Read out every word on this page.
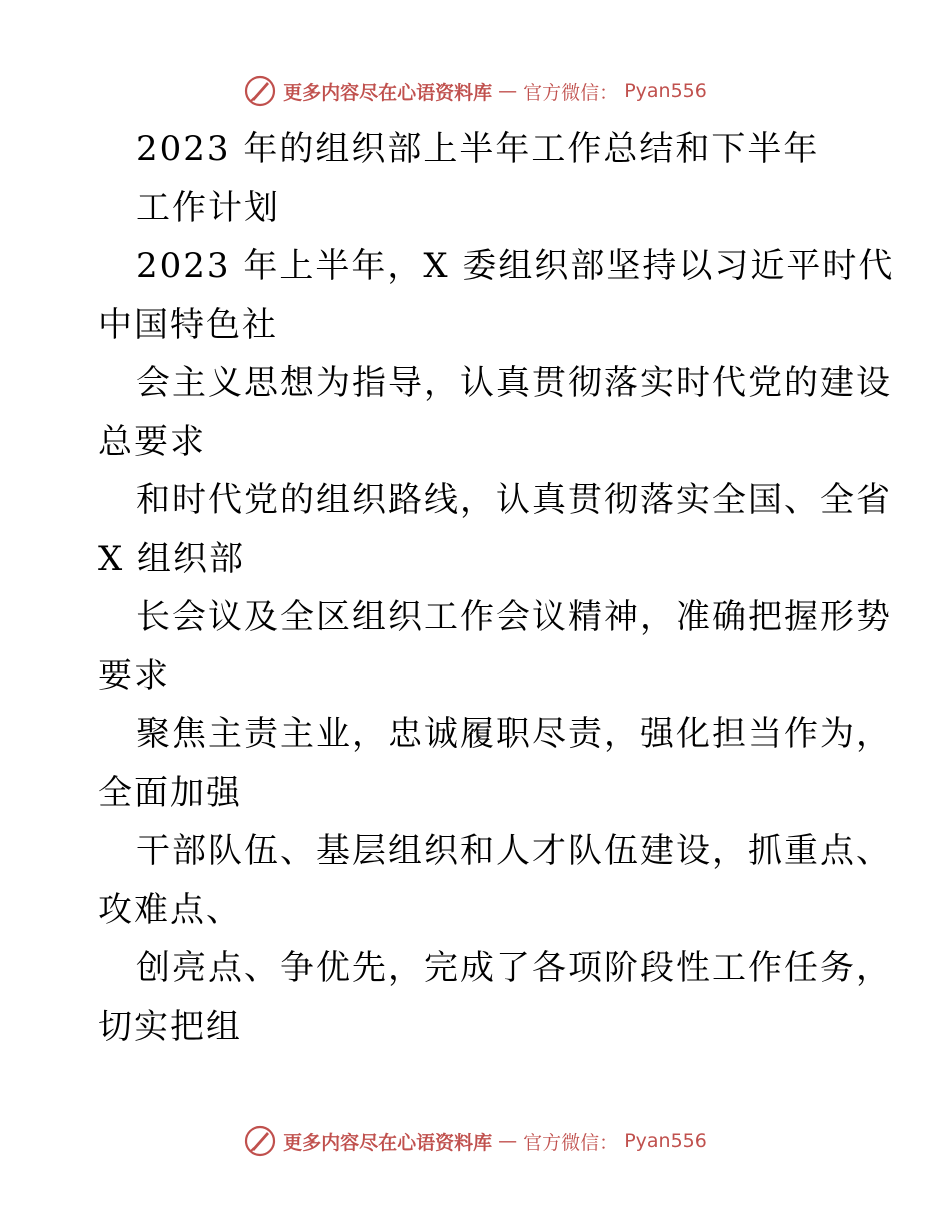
更多内容尽在心语资料库 — 官方微信： Pyan556
2023 年的组织部上半年工作总结和下半年
工作计划
2023 年上半年，X 委组织部坚持以习近平时代
中国特色社
会主义思想为指导，认真贯彻落实时代党的建设
总要求
和时代党的组织路线，认真贯彻落实全国、全省
X 组织部
长会议及全区组织工作会议精神，准确把握形势
要求
聚焦主责主业，忠诚履职尽责，强化担当作为，
全面加强
干部队伍、基层组织和人才队伍建设，抓重点、
攻难点、
创亮点、争优先，完成了各项阶段性工作任务，
切实把组
更多内容尽在心语资料库 — 官方微信： Pyan556
